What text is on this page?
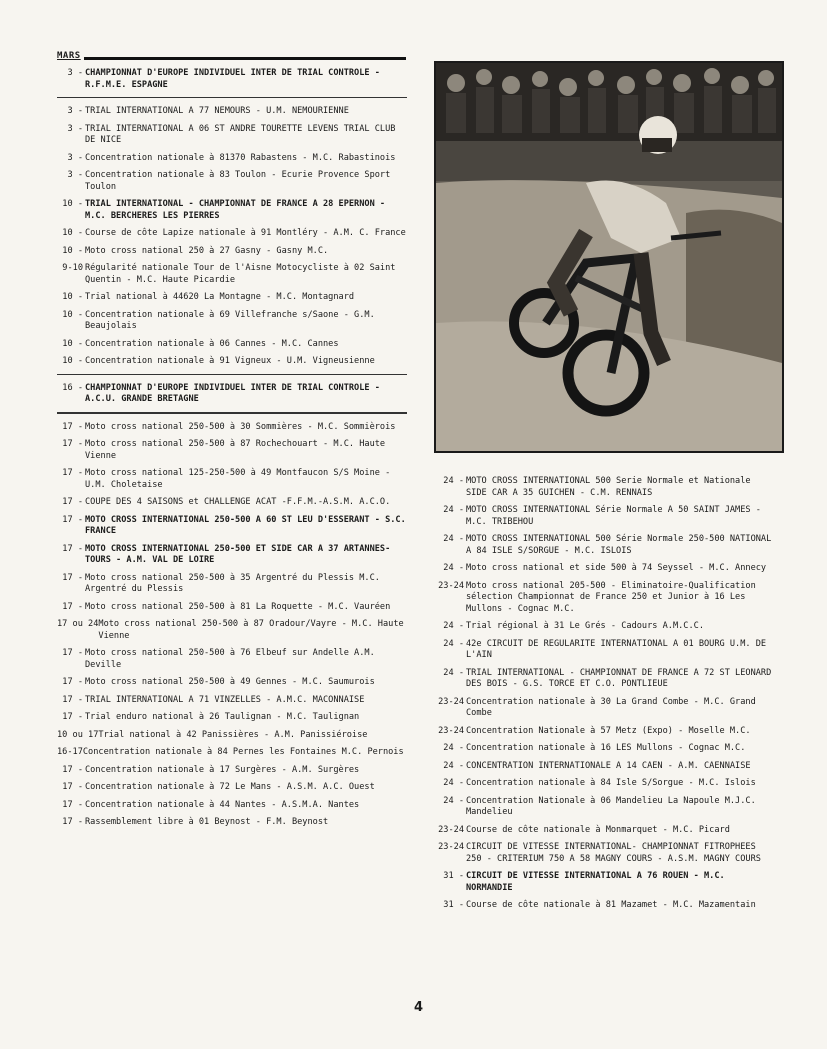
MARS
3 - CHAMPIONNAT D'EUROPE INDIVIDUEL INTER DE TRIAL CONTROLE - R.F.M.E. ESPAGNE
3 - TRIAL INTERNATIONAL A 77 NEMOURS - U.M. NEMOURIENNE
3 - TRIAL INTERNATIONAL A 06 ST ANDRE TOURETTE LEVENS TRIAL CLUB DE NICE
3 - Concentration nationale à 81370 Rabastens - M.C. Rabastinois
3 - Concentration nationale à 83 Toulon - Ecurie Provence Sport Toulon
10 - TRIAL INTERNATIONAL - CHAMPIONNAT DE FRANCE A 28 EPERNON - M.C. BERCHERES LES PIERRES
10 - Course de côte Lapize nationale à 91 Montléry - A.M. C. France
10 - Moto cross national 250 à 27 Gasny - Gasny M.C.
9-10 Régularité nationale Tour de l'Aisne Motocycliste à 02 Saint Quentin - M.C. Haute Picardie
10 - Trial national à 44620 La Montagne - M.C. Montagnard
10 - Concentration nationale à 69 Villefranche s/Saone - G.M. Beaujolais
10 - Concentration nationale à 06 Cannes - M.C. Cannes
10 - Concentration nationale à 91 Vigneux - U.M. Vigneusienne
16 - CHAMPIONNAT D'EUROPE INDIVIDUEL INTER DE TRIAL CONTROLE - A.C.U. GRANDE BRETAGNE
17 - Moto cross national 250-500 à 30 Sommières - M.C. Sommièrois
17 - Moto cross national 250-500 à 87 Rochechouart - M.C. Haute Vienne
17 - Moto cross national 125-250-500 à 49 Montfaucon S/S Moine - U.M. Choletaise
17 - COUPE DES 4 SAISONS et CHALLENGE ACAT -F.F.M.-A.S.M. A.C.O.
17 - MOTO CROSS INTERNATIONAL 250-500 A 60 ST LEU D'ESSERANT - S.C. FRANCE
17 - MOTO CROSS INTERNATIONAL 250-500 ET SIDE CAR A 37 ARTANNES-TOURS - A.M. VAL DE LOIRE
17 - Moto cross national 250-500 à 35 Argentré du Plessis M.C. Argentré du Plessis
17 - Moto cross national 250-500 à 81 La Roquette - M.C. Vauréen
17 ou 24 Moto cross national 250-500 à 87 Oradour/Vayre - M.C. Haute Vienne
17 - Moto cross national 250-500 à 76 Elbeuf sur Andelle A.M. Deville
17 - Moto cross national 250-500 à 49 Gennes - M.C. Saumurois
17 - TRIAL INTERNATIONAL A 71 VINZELLES - A.M.C. MACONNAISE
17 - Trial enduro national à 26 Taulignan - M.C. Taulignan
10 ou 17 Trial national à 42 Panissières - A.M. Panissiéroise
16-17 Concentration nationale à 84 Pernes les Fontaines M.C. Pernois
17 - Concentration nationale à 17 Surgères - A.M. Surgères
17 - Concentration nationale à 72 Le Mans - A.S.M. A.C. Ouest
17 - Concentration nationale à 44 Nantes - A.S.M.A. Nantes
17 - Rassemblement libre à 01 Beynost - F.M. Beynost
24 - MOTO CROSS INTERNATIONAL 500 Serie Normale et Nationale SIDE CAR A 35 GUICHEN - C.M. RENNAIS
24 - MOTO CROSS INTERNATIONAL Série Normale A 50 SAINT JAMES - M.C. TRIBEHOU
24 - MOTO CROSS INTERNATIONAL 500 Série Normale 250-500 NATIONAL A 84 ISLE S/SORGUE - M.C. ISLOIS
24 - Moto cross national et side 500 à 74 Seyssel - M.C. Annecy
23-24 Moto cross national 205-500 - Eliminatoire-Qualification sélection Championnat de France 250 et Junior à 16 Les Mullons - Cognac M.C.
24 - Trial régional à 31 Le Grés - Cadours A.M.C.C.
24 - 42e CIRCUIT DE REGULARITE INTERNATIONAL A 01 BOURG U.M. DE L'AIN
24 - TRIAL INTERNATIONAL - CHAMPIONNAT DE FRANCE A 72 ST LEONARD DES BOIS - G.S. TORCE ET C.O. PONTLIEUE
23-24 Concentration nationale à 30 La Grand Combe - M.C. Grand Combe
23-24 Concentration Nationale à 57 Metz (Expo) - Moselle M.C.
24 - Concentration nationale à 16 LES Mullons - Cognac M.C.
24 - CONCENTRATION INTERNATIONALE A 14 CAEN - A.M. CAENNAISE
24 - Concentration nationale à 84 Isle S/Sorgue - M.C. Islois
24 - Concentration Nationale à 06 Mandelieu La Napoule M.J.C. Mandelieu
23-24 Course de côte nationale à Monmarquet - M.C. Picard
23-24 CIRCUIT DE VITESSE INTERNATIONAL- CHAMPIONNAT FITROPHEES 250 - CRITERIUM 750 A 58 MAGNY COURS - A.S.M. MAGNY COURS
31 - CIRCUIT DE VITESSE INTERNATIONAL A 76 ROUEN - M.C. NORMANDIE
31 - Course de côte nationale à 81 Mazamet - M.C. Mazamentain
4
